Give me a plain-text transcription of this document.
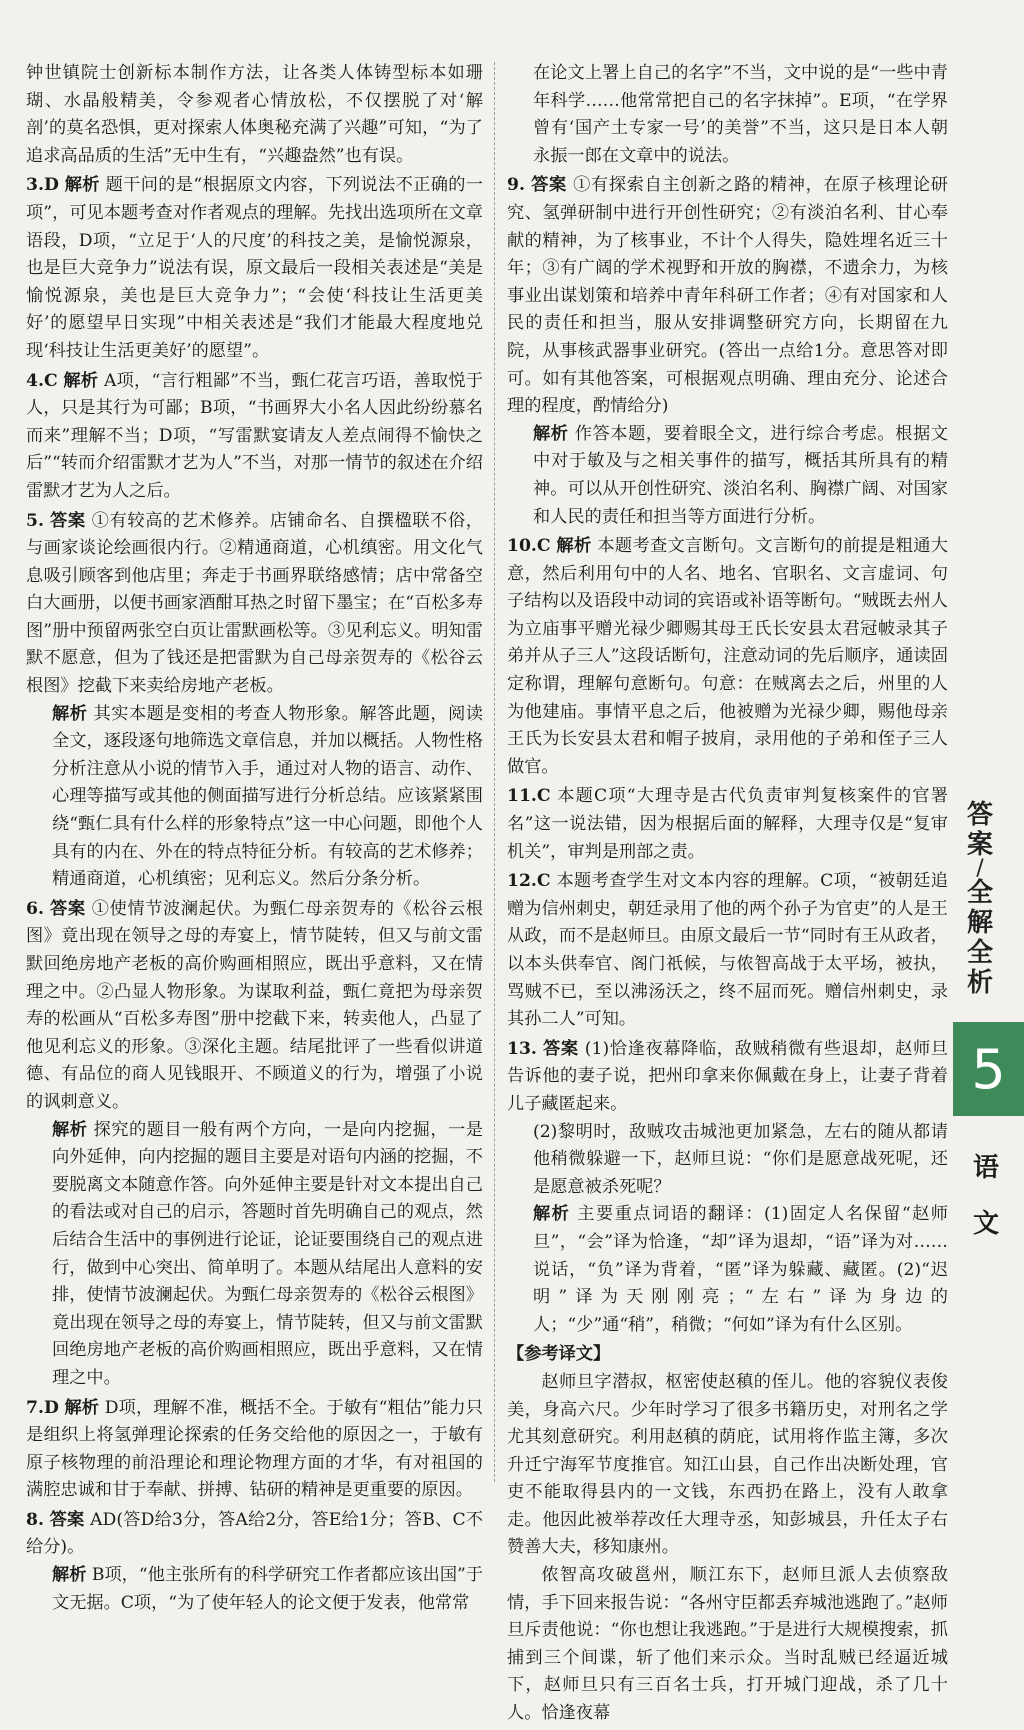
钟世镇院士创新标本制作方法，让各类人体铸型标本如珊瑚、水晶般精美，令参观者心情放松，不仅摆脱了对‘解剖’的莫名恐惧，更对探索人体奥秘充满了兴趣”可知，“为了追求高品质的生活”无中生有，“兴趣盎然”也有误。

3.D 解析 题干问的是“根据原文内容，下列说法不正确的一项”，可见本题考查对作者观点的理解。先找出选项所在文章语段，D项，“立足于‘人的尺度’的科技之美，是愉悦源泉，也是巨大竞争力”说法有误，原文最后一段相关表述是“美是愉悦源泉，美也是巨大竞争力”；“会使‘科技让生活更美好’的愿望早日实现”中相关表述是“我们才能最大程度地兑现‘科技让生活更美好’的愿望”。
4.C 解析 A项，“言行粗鄙”不当，甄仁花言巧语，善取悦于人，只是其行为可鄙；B项，“书画界大小名人因此纷纷慕名而来”理解不当；D项，“写雷默宴请友人差点闹得不愉快之后”“转而介绍雷默才艺为人”不当，对那一情节的叙述在介绍雷默才艺为人之后。
5. 答案 ①有较高的艺术修养。店铺命名、自撰楹联不俗，与画家谈论绘画很内行。②精通商道，心机缜密。用文化气息吸引顾客到他店里；奔走于书画界联络感情；店中常备空白大画册，以便书画家酒酣耳热之时留下墨宝；在“百松多寿图”册中预留两张空白页让雷默画松等。③见利忘义。明知雷默不愿意，但为了钱还是把雷默为自己母亲贺寿的《松谷云根图》挖截下来卖给房地产老板。

解析 其实本题是变相的考查人物形象。解答此题，阅读全文，逐段逐句地筛选文章信息，并加以概括。人物性格分析注意从小说的情节入手，通过对人物的语言、动作、心理等描写或其他的侧面描写进行分析总结。应该紧紧围绕“甄仁具有什么样的形象特点”这一中心问题，即他个人具有的内在、外在的特点特征分析。有较高的艺术修养；精通商道，心机缜密；见利忘义。然后分条分析。

6. 答案 ①使情节波澜起伏。为甄仁母亲贺寿的《松谷云根图》竟出现在领导之母的寿宴上，情节陡转，但又与前文雷默回绝房地产老板的高价购画相照应，既出乎意料，又在情理之中。②凸显人物形象。为谋取利益，甄仁竟把为母亲贺寿的松画从“百松多寿图”册中挖截下来，转卖他人，凸显了他见利忘义的形象。③深化主题。结尾批评了一些看似讲道德、有品位的商人见钱眼开、不顾道义的行为，增强了小说的讽刺意义。

解析 探究的题目一般有两个方向，一是向内挖掘，一是向外延伸，向内挖掘的题目主要是对语句内涵的挖掘，不要脱离文本随意作答。向外延伸主要是针对文本提出自己的看法或对自己的启示，答题时首先明确自己的观点，然后结合生活中的事例进行论证，论证要围绕自己的观点进行，做到中心突出、简单明了。本题从结尾出人意料的安排，使情节波澜起伏。为甄仁母亲贺寿的《松谷云根图》竟出现在领导之母的寿宴上，情节陡转，但又与前文雷默回绝房地产老板的高价购画相照应，既出乎意料，又在情理之中。

7.D 解析 D项，理解不准，概括不全。于敏有“粗估”能力只是组织上将氢弹理论探索的任务交给他的原因之一，于敏有原子核物理的前沿理论和理论物理方面的才华，有对祖国的满腔忠诚和甘于奉献、拼搏、钻研的精神是更重要的原因。
8. 答案 AD(答D给3分，答A给2分，答E给1分；答B、C不给分)。

解析 B项，“他主张所有的科学研究工作者都应该出国”于文无据。C项，“为了使年轻人的论文便于发表，他常常

在论文上署上自己的名字”不当，文中说的是“一些中青年科学……他常常把自己的名字抹掉”。E项，“在学界曾有‘国产土专家一号’的美誉”不当，这只是日本人朝永振一郎在文章中的说法。

9. 答案 ①有探索自主创新之路的精神，在原子核理论研究、氢弹研制中进行开创性研究；②有淡泊名利、甘心奉献的精神，为了核事业，不计个人得失，隐姓埋名近三十年；③有广阔的学术视野和开放的胸襟，不遗余力，为核事业出谋划策和培养中青年科研工作者；④有对国家和人民的责任和担当，服从安排调整研究方向，长期留在九院，从事核武器事业研究。(答出一点给1分。意思答对即可。如有其他答案，可根据观点明确、理由充分、论述合理的程度，酌情给分)

解析 作答本题，要着眼全文，进行综合考虑。根据文中对于敏及与之相关事件的描写，概括其所具有的精神。可以从开创性研究、淡泊名利、胸襟广阔、对国家和人民的责任和担当等方面进行分析。

10.C 解析 本题考查文言断句。文言断句的前提是粗通大意，然后利用句中的人名、地名、官职名、文言虚词、句子结构以及语段中动词的宾语或补语等断句。“贼既去州人为立庙事平赠光禄少卿赐其母王氏长安县太君冠帔录其子弟并从子三人”这段话断句，注意动词的先后顺序，通读固定称谓，理解句意断句。句意：在贼离去之后，州里的人为他建庙。事情平息之后，他被赠为光禄少卿，赐他母亲王氏为长安县太君和帽子披肩，录用他的子弟和侄子三人做官。
11.C 本题C项“大理寺是古代负责审判复核案件的官署名”这一说法错，因为根据后面的解释，大理寺仅是“复审机关”，审判是刑部之责。
12.C 本题考查学生对文本内容的理解。C项，“被朝廷追赠为信州刺史，朝廷录用了他的两个孙子为官吏”的人是王从政，而不是赵师旦。由原文最后一节“同时有王从政者，以本头供奉官、阁门祇候，与侬智高战于太平场，被执，骂贼不已，至以沸汤沃之，终不屈而死。赠信州刺史，录其孙二人”可知。
13. 答案 (1)恰逢夜幕降临，敌贼稍微有些退却，赵师旦告诉他的妻子说，把州印拿来你佩戴在身上，让妻子背着儿子藏匿起来。

(2)黎明时，敌贼攻击城池更加紧急，左右的随从都请他稍微躲避一下，赵师旦说：“你们是愿意战死呢，还是愿意被杀死呢？

解析 主要重点词语的翻译：(1)固定人名保留“赵师旦”，“会”译为恰逢，“却”译为退却，“语”译为对……说话，“负”译为背着，“匿”译为躲藏、藏匿。(2)“迟明”译为天刚刚亮；“左右”译为身边的人；“少”通“稍”，稍微；“何如”译为有什么区别。

【参考译文】

赵师旦字潜叔，枢密使赵稹的侄儿。他的容貌仪表俊美，身高六尺。少年时学习了很多书籍历史，对刑名之学尤其刻意研究。利用赵稹的荫庇，试用将作监主簿，多次升迁宁海军节度推官。知江山县，自己作出决断处理，官吏不能取得县内的一文钱，东西扔在路上，没有人敢拿走。他因此被举荐改任大理寺丞，知彭城县，升任太子右赞善大夫，移知康州。

侬智高攻破邕州，顺江东下，赵师旦派人去侦察敌情，手下回来报告说：“各州守臣都丢弃城池逃跑了。”赵师旦斥责他说：“你也想让我逃跑。”于是进行大规模搜索，抓捕到三个间谍，斩了他们来示众。当时乱贼已经逼近城下，赵师旦只有三百名士兵，打开城门迎战，杀了几十人。恰逢夜幕

答案
/
全解全析
5
语文
